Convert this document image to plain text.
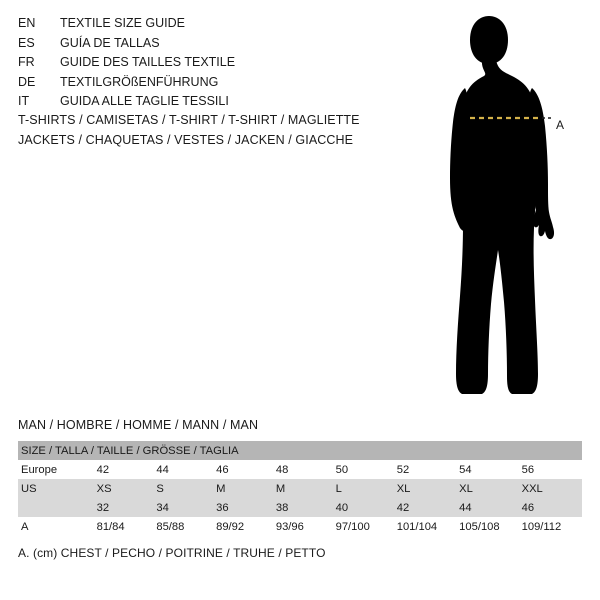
EN	TEXTILE SIZE GUIDE
ES	GUÍA DE TALLAS
FR	GUIDE DES TAILLES TEXTILE
DE	TEXTILGRÖßENFÜHRUNG
IT	GUIDA ALLE TAGLIE TESSILI
T-SHIRTS / CAMISETAS / T-SHIRT / T-SHIRT / MAGLIETTE
JACKETS / CHAQUETAS / VESTES / JACKEN / GIACCHE
A
MAN / HOMBRE / HOMME / MANN / MAN
SIZE / TALLA / TAILLE / GRÖSSE / TAGLIA								
Europe	42	44	46	48	50	52	54	56

US	XS	S	M	M	L	XL	XL	XXL

	32	34	36	38	40	42	44	46

A	81/84	85/88	89/92	93/96	97/100	101/104	105/108	109/112
A. (cm) CHEST / PECHO / POITRINE / TRUHE / PETTO
